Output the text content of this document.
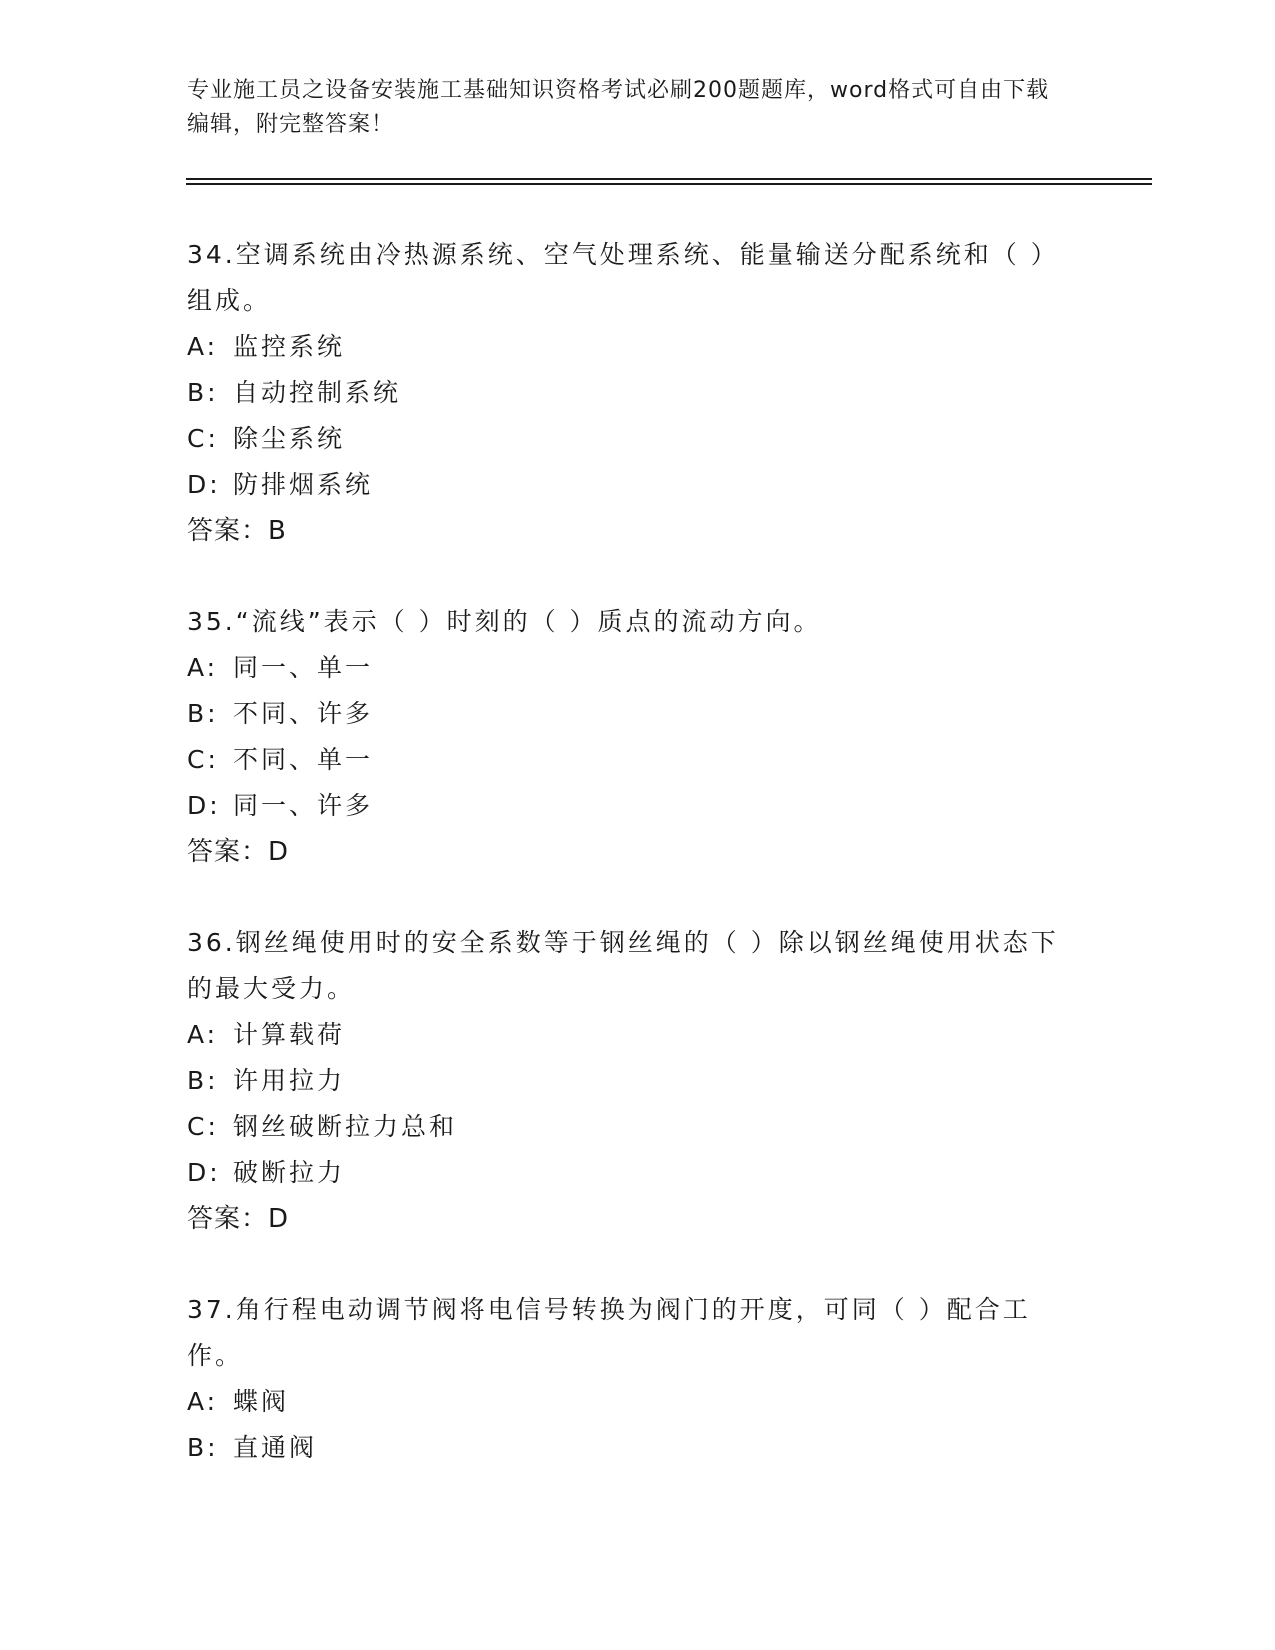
专业施工员之设备安装施工基础知识资格考试必刷200题题库，word格式可自由下载编辑，附完整答案！

34.空调系统由冷热源系统、空气处理系统、能量输送分配系统和（ ）组成。

A: 监控系统

B: 自动控制系统

C: 除尘系统

D: 防排烟系统

答案：B

35.“流线”表示（ ）时刻的（ ）质点的流动方向。

A: 同一、单一

B: 不同、许多

C: 不同、单一

D: 同一、许多

答案：D

36.钢丝绳使用时的安全系数等于钢丝绳的（ ）除以钢丝绳使用状态下的最大受力。

A: 计算载荷

B: 许用拉力

C: 钢丝破断拉力总和

D: 破断拉力

答案：D

37.角行程电动调节阀将电信号转换为阀门的开度，可同（ ）配合工作。

A: 蝶阀

B: 直通阀
